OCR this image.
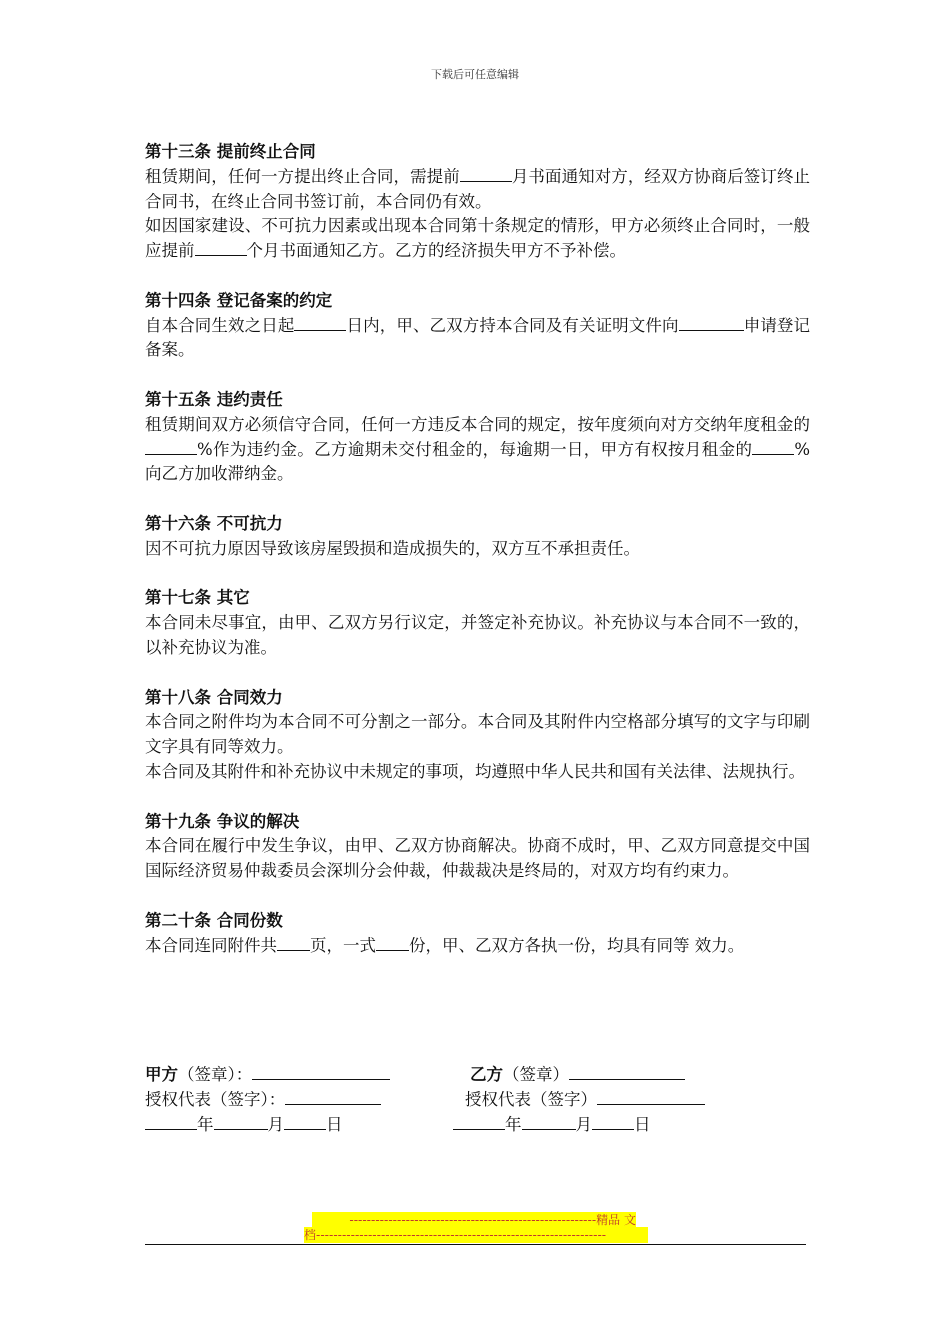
下载后可任意编辑
第十三条 提前终止合同
租赁期间，任何一方提出终止合同，需提前	月书面通知对方，经双方协商后签订终止合同书，在终止合同书签订前，本合同仍有效。
如因国家建设、不可抗力因素或出现本合同第十条规定的情形，甲方必须终止合同时，一般应提前	个月书面通知乙方。乙方的经济损失甲方不予补偿。
第十四条 登记备案的约定
自本合同生效之日起	日内，甲、乙双方持本合同及有关证明文件向	申请登记备案。
第十五条 违约责任
租赁期间双方必须信守合同，任何一方违反本合同的规定，按年度须向对方交纳年度租金的%作为违约金。乙方逾期未交付租金的，每逾期一日，甲方有权按月租金的	%向乙方加收滞纳金。
第十六条 不可抗力
因不可抗力原因导致该房屋毁损和造成损失的，双方互不承担责任。
第十七条 其它
本合同未尽事宜，由甲、乙双方另行议定，并签定补充协议。补充协议与本合同不一致的，以补充协议为准。
第十八条 合同效力
本合同之附件均为本合同不可分割之一部分。本合同及其附件内空格部分填写的文字与印刷文字具有同等效力。
本合同及其附件和补充协议中未规定的事项，均遵照中华人民共和国有关法律、法规执行。
第十九条 争议的解决
本合同在履行中发生争议，由甲、乙双方协商解决。协商不成时，甲、乙双方同意提交中国国际经济贸易仲裁委员会深圳分会仲裁，仲裁裁决是终局的，对双方均有约束力。
第二十条 合同份数
本合同连同附件共 页，一式 份，甲、乙双方各执一份，均具有同等 效力。
甲方（签章）：	乙方（签章）
授权代表（签字）：	授权代表（签字）
年	月	日	年	月	日
---------------------------------------------------------精品 文
档-------------------------------------------------------------------
